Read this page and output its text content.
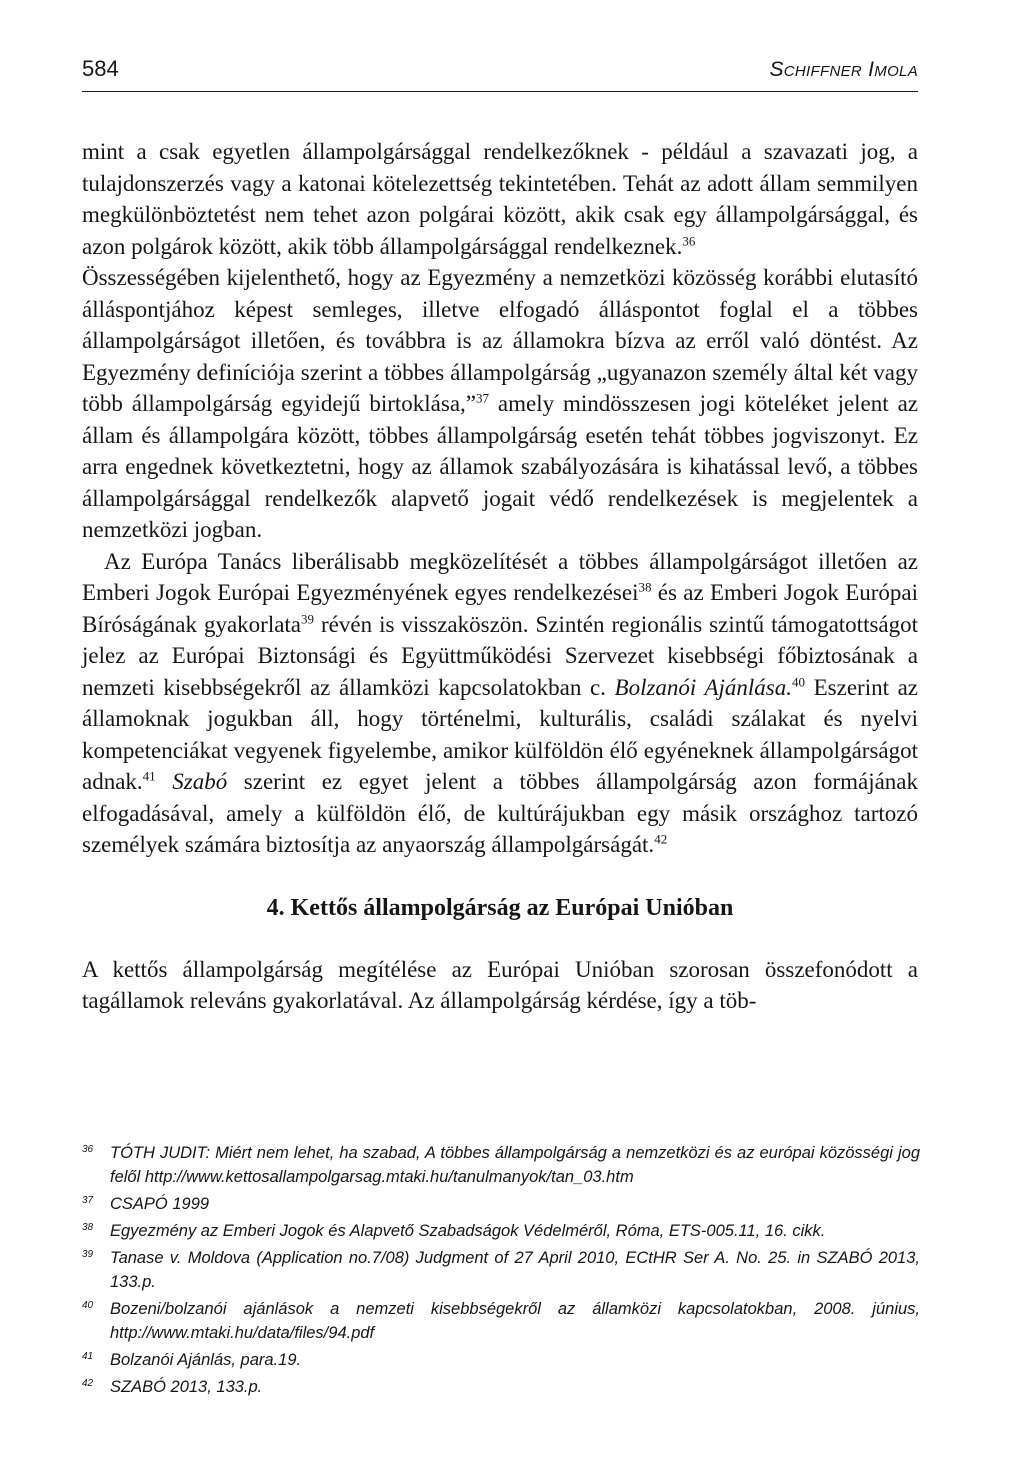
584	Schiffner Imola

mint a csak egyetlen állampolgársággal rendelkezőknek - például a szavazati jog, a tulajdonszerzés vagy a katonai kötelezettség tekintetében. Tehát az adott állam semmilyen megkülönböztetést nem tehet azon polgárai között, akik csak egy állampolgársággal, és azon polgárok között, akik több állampolgársággal rendelkeznek.$^{36}$

Összességében kijelenthető, hogy az Egyezmény a nemzetközi közösség korábbi elutasító álláspontjához képest semleges, illetve elfogadó álláspontot foglal el a többes állampolgárságot illetően, és továbbra is az államokra bízva az erről való döntést. Az Egyezmény definíciója szerint a többes állampolgárság „ugyanazon személy által két vagy több állampolgárság egyidejű birtoklása,”$^{37}$ amely mindösszesen jogi köteléket jelent az állam és állampolgára között, többes állampolgárság esetén tehát többes jogviszonyt. Ez arra engednek következtetni, hogy az államok szabályozására is kihatással levő, a többes állampolgársággal rendelkezők alapvető jogait védő rendelkezések is megjelentek a nemzetközi jogban.

Az Európa Tanács liberálisabb megközelítését a többes állampolgárságot illetően az Emberi Jogok Európai Egyezményének egyes rendelkezései$^{38}$ és az Emberi Jogok Európai Bíróságának gyakorlata$^{39}$ révén is visszaköszön. Szintén regionális szintű támogatottságot jelez az Európai Biztonsági és Együttműködési Szervezet kisebbségi főbiztosának a nemzeti kisebbségekről az államközi kapcsolatokban c. Bolzanói Ajánlása.$^{40}$ Eszerint az államoknak jogukban áll, hogy történelmi, kulturális, családi szálakat és nyelvi kompetenciákat vegyenek figyelembe, amikor külföldön élő egyéneknek állampolgárságot adnak.$^{41}$ Szabó szerint ez egyet jelent a többes állampolgárság azon formájának elfogadásával, amely a külföldön élő, de kultúrájukban egy másik országhoz tartozó személyek számára biztosítja az anyaország állampolgárságát.$^{42}$

4. Kettős állampolgárság az Európai Unióban

A kettős állampolgárság megítélése az Európai Unióban szorosan összefonódott a tagállamok releváns gyakorlatával. Az állampolgárság kérdése, így a töb-

36 TÓTH JUDIT: Miért nem lehet, ha szabad, A többes állampolgárság a nemzetközi és az európai közösségi jog felől http://www.kettosallampolgarsag.mtaki.hu/tanulmanyok/tan_03.htm

37 CSAPÓ 1999

38 Egyezmény az Emberi Jogok és Alapvető Szabadságok Védelméről, Róma, ETS-005.11, 16. cikk.

39 Tanase v. Moldova (Application no.7/08) Judgment of 27 April 2010, ECtHR Ser A. No. 25. in SZABÓ 2013, 133.p.

40 Bozeni/bolzanói ajánlások a nemzeti kisebbségekről az államközi kapcsolatokban, 2008. június, http://www.mtaki.hu/data/files/94.pdf

41 Bolzanói Ajánlás, para.19.

42 SZABÓ 2013, 133.p.
